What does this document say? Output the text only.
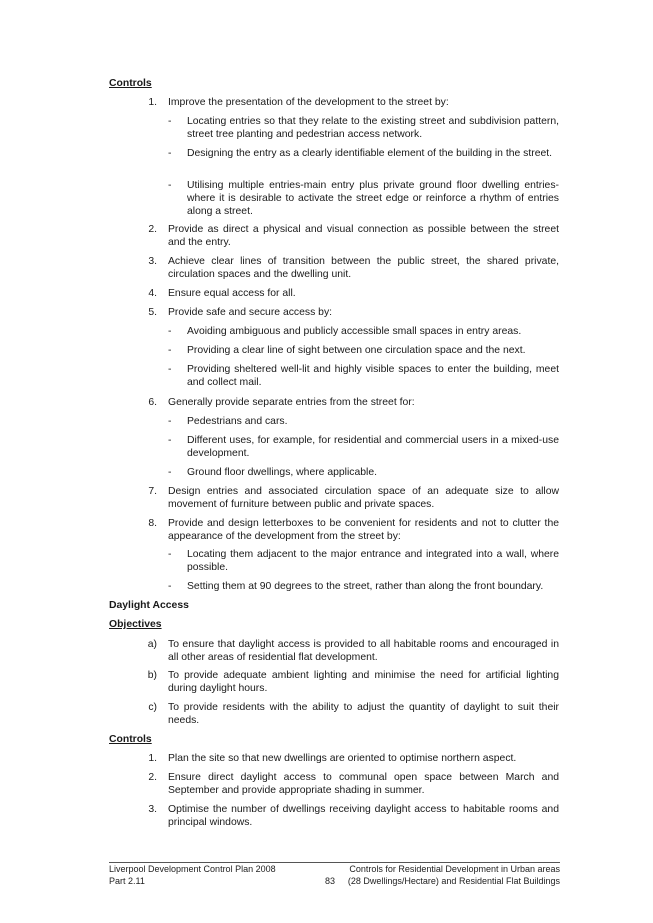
Controls
1. Improve the presentation of the development to the street by:
- Locating entries so that they relate to the existing street and subdivision pattern, street tree planting and pedestrian access network.
- Designing the entry as a clearly identifiable element of the building in the street.
- Utilising multiple entries-main entry plus private ground floor dwelling entries-where it is desirable to activate the street edge or reinforce a rhythm of entries along a street.
2. Provide as direct a physical and visual connection as possible between the street and the entry.
3. Achieve clear lines of transition between the public street, the shared private, circulation spaces and the dwelling unit.
4. Ensure equal access for all.
5. Provide safe and secure access by:
- Avoiding ambiguous and publicly accessible small spaces in entry areas.
- Providing a clear line of sight between one circulation space and the next.
- Providing sheltered well-lit and highly visible spaces to enter the building, meet and collect mail.
6. Generally provide separate entries from the street for:
- Pedestrians and cars.
- Different uses, for example, for residential and commercial users in a mixed-use development.
- Ground floor dwellings, where applicable.
7. Design entries and associated circulation space of an adequate size to allow movement of furniture between public and private spaces.
8. Provide and design letterboxes to be convenient for residents and not to clutter the appearance of the development from the street by:
- Locating them adjacent to the major entrance and integrated into a wall, where possible.
- Setting them at 90 degrees to the street, rather than along the front boundary.
Daylight Access
Objectives
a) To ensure that daylight access is provided to all habitable rooms and encouraged in all other areas of residential flat development.
b) To provide adequate ambient lighting and minimise the need for artificial lighting during daylight hours.
c) To provide residents with the ability to adjust the quantity of daylight to suit their needs.
Controls
1. Plan the site so that new dwellings are oriented to optimise northern aspect.
2. Ensure direct daylight access to communal open space between March and September and provide appropriate shading in summer.
3. Optimise the number of dwellings receiving daylight access to habitable rooms and principal windows.
Liverpool Development Control Plan 2008
Part 2.11	83
Controls for Residential Development in Urban areas
(28 Dwellings/Hectare) and Residential Flat Buildings
